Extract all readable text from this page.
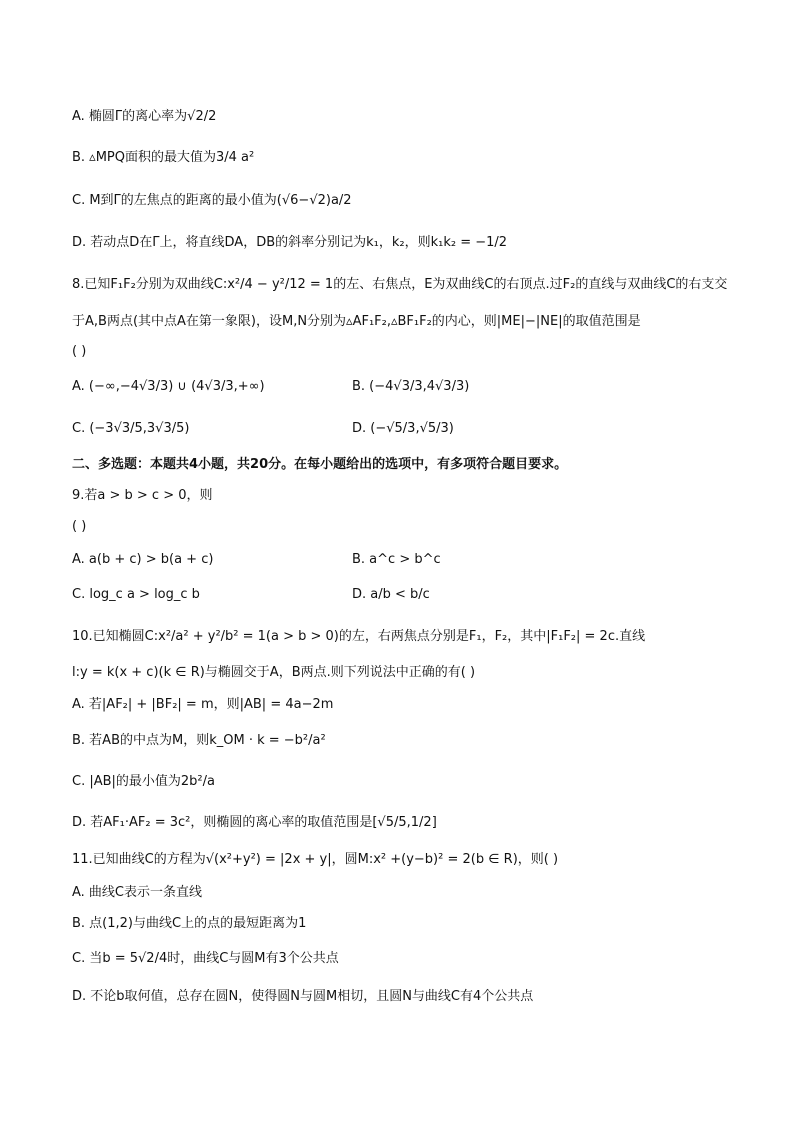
A. 椭圆Γ的离心率为√2/2
B. ▵MPQ面积的最大值为3/4 a²
C. M到Γ的左焦点的距离的最小值为(√6−√2)a/2
D. 若动点D在Γ上，将直线DA，DB的斜率分别记为k₁，k₂，则k₁k₂ = −1/2
8.已知F₁F₂分别为双曲线C:x²/4 − y²/12 = 1的左、右焦点，E为双曲线C的右顶点.过F₂的直线与双曲线C的右支交
于A,B两点(其中点A在第一象限)，设M,N分别为▵AF₁F₂,▵BF₁F₂的内心，则|ME|−|NE|的取值范围是
( )
A. (−∞,−4√3/3) ∪ (4√3/3,+∞)	B. (−4√3/3,4√3/3)
C. (−3√3/5,3√3/5)	D. (−√5/3,√5/3)
二、多选题：本题共4小题，共20分。在每小题给出的选项中，有多项符合题目要求。
9.若a > b > c > 0，则
( )
A. a(b + c) > b(a + c)	B. a^c > b^c
C. log_c a > log_c b	D. a/b < b/c
10.已知椭圆C:x²/a² + y²/b² = 1(a > b > 0)的左，右两焦点分别是F₁，F₂，其中|F₁F₂| = 2c.直线
l:y = k(x + c)(k ∈ R)与椭圆交于A，B两点.则下列说法中正确的有( )
A. 若|AF₂| + |BF₂| = m，则|AB| = 4a−2m
B. 若AB的中点为M，则k_OM · k = −b²/a²
C. |AB|的最小值为2b²/a
D. 若AF₁·AF₂ = 3c²，则椭圆的离心率的取值范围是[√5/5,1/2]
11.已知曲线C的方程为√(x²+y²) = |2x + y|，圆M:x² +(y−b)² = 2(b ∈ R)，则( )
A. 曲线C表示一条直线
B. 点(1,2)与曲线C上的点的最短距离为1
C. 当b = 5√2/4时，曲线C与圆M有3个公共点
D. 不论b取何值，总存在圆N，使得圆N与圆M相切，且圆N与曲线C有4个公共点
